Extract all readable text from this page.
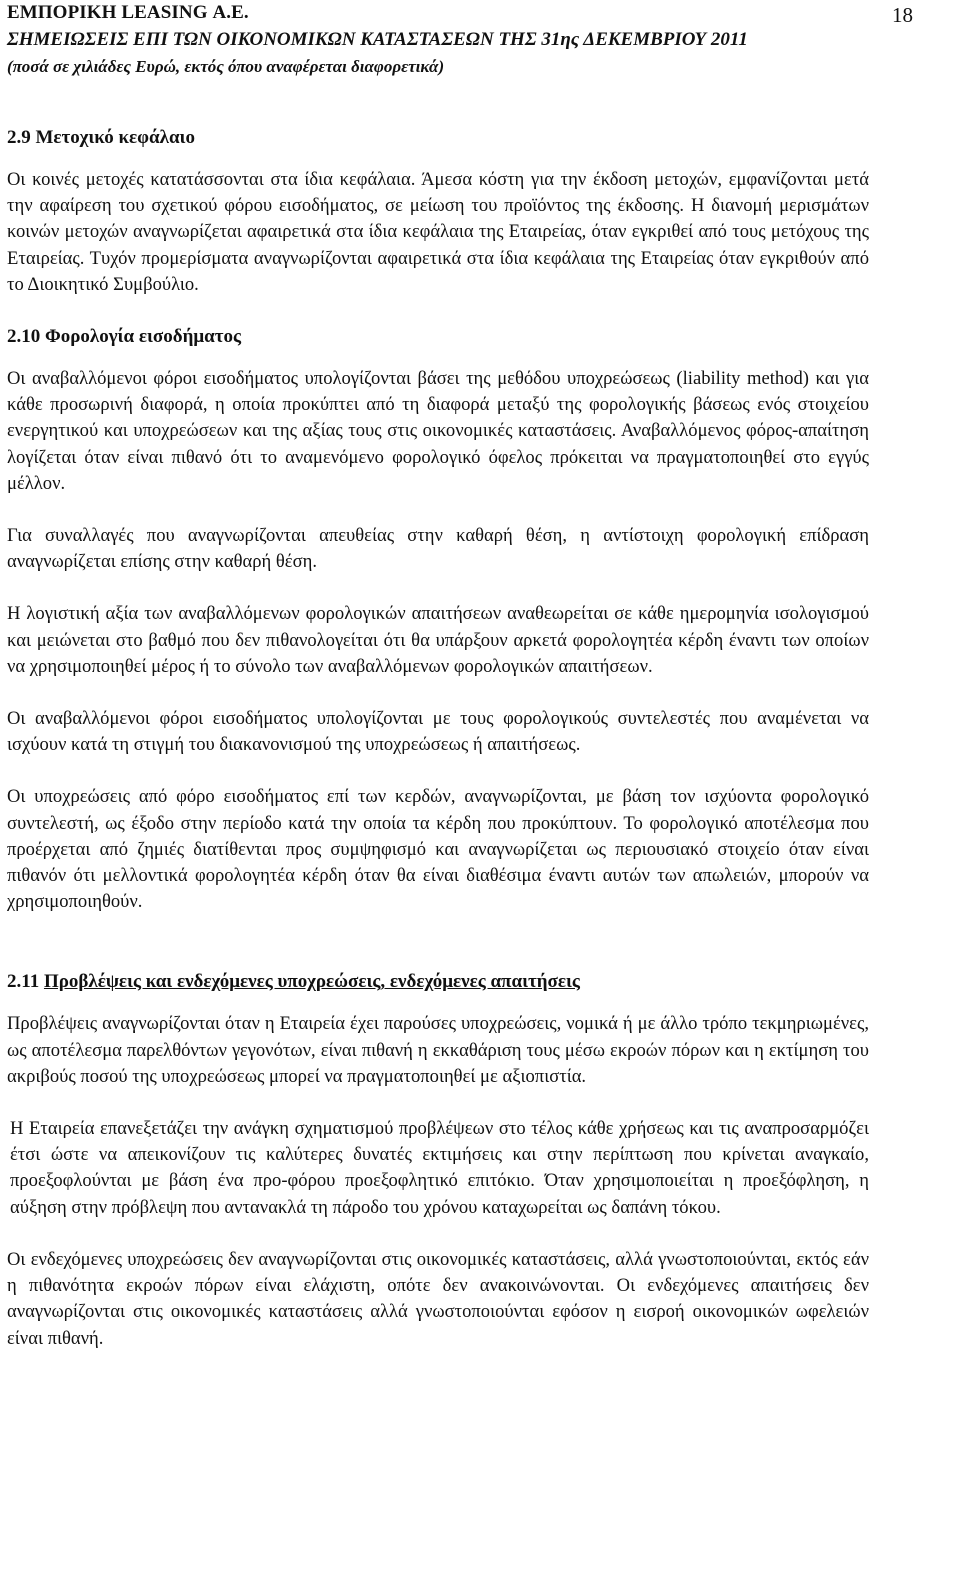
ΕΜΠΟΡΙΚΗ LEASING Α.Ε.
ΣΗΜΕΙΩΣΕΙΣ ΕΠΙ ΤΩΝ ΟΙΚΟΝΟΜΙΚΩΝ ΚΑΤΑΣΤΑΣΕΩΝ ΤΗΣ 31ης ΔΕΚΕΜΒΡΙΟΥ 2011
(ποσά σε χιλιάδες Ευρώ, εκτός όπου αναφέρεται διαφορετικά)
18
2.9 Μετοχικό κεφάλαιο

Οι κοινές μετοχές κατατάσσονται στα ίδια κεφάλαια. Άμεσα κόστη για την έκδοση μετοχών, εμφανίζονται μετά την αφαίρεση του σχετικού φόρου εισοδήματος, σε μείωση του προϊόντος της έκδοσης. Η διανομή μερισμάτων κοινών μετοχών αναγνωρίζεται αφαιρετικά στα ίδια κεφάλαια της Εταιρείας, όταν εγκριθεί από τους μετόχους της Εταιρείας. Τυχόν προμερίσματα αναγνωρίζονται αφαιρετικά στα ίδια κεφάλαια της Εταιρείας όταν εγκριθούν από το Διοικητικό Συμβούλιο.

2.10 Φορολογία εισοδήματος

Οι αναβαλλόμενοι φόροι εισοδήματος υπολογίζονται βάσει της μεθόδου υποχρεώσεως (liability method) και για κάθε προσωρινή διαφορά, η οποία προκύπτει από τη διαφορά μεταξύ της φορολογικής βάσεως ενός στοιχείου ενεργητικού και υποχρεώσεων και της αξίας τους στις οικονομικές καταστάσεις. Αναβαλλόμενος φόρος-απαίτηση λογίζεται όταν είναι πιθανό ότι το αναμενόμενο φορολογικό όφελος πρόκειται να πραγματοποιηθεί στο εγγύς μέλλον.

Για συναλλαγές που αναγνωρίζονται απευθείας στην καθαρή θέση, η αντίστοιχη φορολογική επίδραση αναγνωρίζεται επίσης στην καθαρή θέση.

Η λογιστική αξία των αναβαλλόμενων φορολογικών απαιτήσεων αναθεωρείται σε κάθε ημερομηνία ισολογισμού και μειώνεται στο βαθμό που δεν πιθανολογείται ότι θα υπάρξουν αρκετά φορολογητέα κέρδη έναντι των οποίων να χρησιμοποιηθεί μέρος ή το σύνολο των αναβαλλόμενων φορολογικών απαιτήσεων.

Οι αναβαλλόμενοι φόροι εισοδήματος υπολογίζονται με τους φορολογικούς συντελεστές που αναμένεται να ισχύουν κατά τη στιγμή του διακανονισμού της υποχρεώσεως ή απαιτήσεως.

Οι υποχρεώσεις από φόρο εισοδήματος επί των κερδών, αναγνωρίζονται, με βάση τον ισχύοντα φορολογικό συντελεστή, ως έξοδο στην περίοδο κατά την οποία τα κέρδη που προκύπτουν. Το φορολογικό αποτέλεσμα που προέρχεται από ζημιές διατίθενται προς συμψηφισμό και αναγνωρίζεται ως περιουσιακό στοιχείο όταν είναι πιθανόν ότι μελλοντικά φορολογητέα κέρδη όταν θα είναι διαθέσιμα έναντι αυτών των απωλειών, μπορούν να χρησιμοποιηθούν.

2.11 Προβλέψεις και ενδεχόμενες υποχρεώσεις, ενδεχόμενες απαιτήσεις

Προβλέψεις αναγνωρίζονται όταν η Εταιρεία έχει παρούσες υποχρεώσεις, νομικά ή με άλλο τρόπο τεκμηριωμένες, ως αποτέλεσμα παρελθόντων γεγονότων, είναι πιθανή η εκκαθάριση τους μέσω εκροών πόρων και η εκτίμηση του ακριβούς ποσού της υποχρεώσεως μπορεί να πραγματοποιηθεί με αξιοπιστία.

Η Εταιρεία επανεξετάζει την ανάγκη σχηματισμού προβλέψεων στο τέλος κάθε χρήσεως και τις αναπροσαρμόζει έτσι ώστε να απεικονίζουν τις καλύτερες δυνατές εκτιμήσεις και στην περίπτωση που κρίνεται αναγκαίο, προεξοφλούνται με βάση ένα προ-φόρου προεξοφλητικό επιτόκιο. Όταν χρησιμοποιείται η προεξόφληση, η αύξηση στην πρόβλεψη που αντανακλά τη πάροδο του χρόνου καταχωρείται ως δαπάνη τόκου.

Οι ενδεχόμενες υποχρεώσεις δεν αναγνωρίζονται στις οικονομικές καταστάσεις, αλλά γνωστοποιούνται, εκτός εάν η πιθανότητα εκροών πόρων είναι ελάχιστη, οπότε δεν ανακοινώνονται. Οι ενδεχόμενες απαιτήσεις δεν αναγνωρίζονται στις οικονομικές καταστάσεις αλλά γνωστοποιούνται εφόσον η εισροή οικονομικών ωφελειών είναι πιθανή.
